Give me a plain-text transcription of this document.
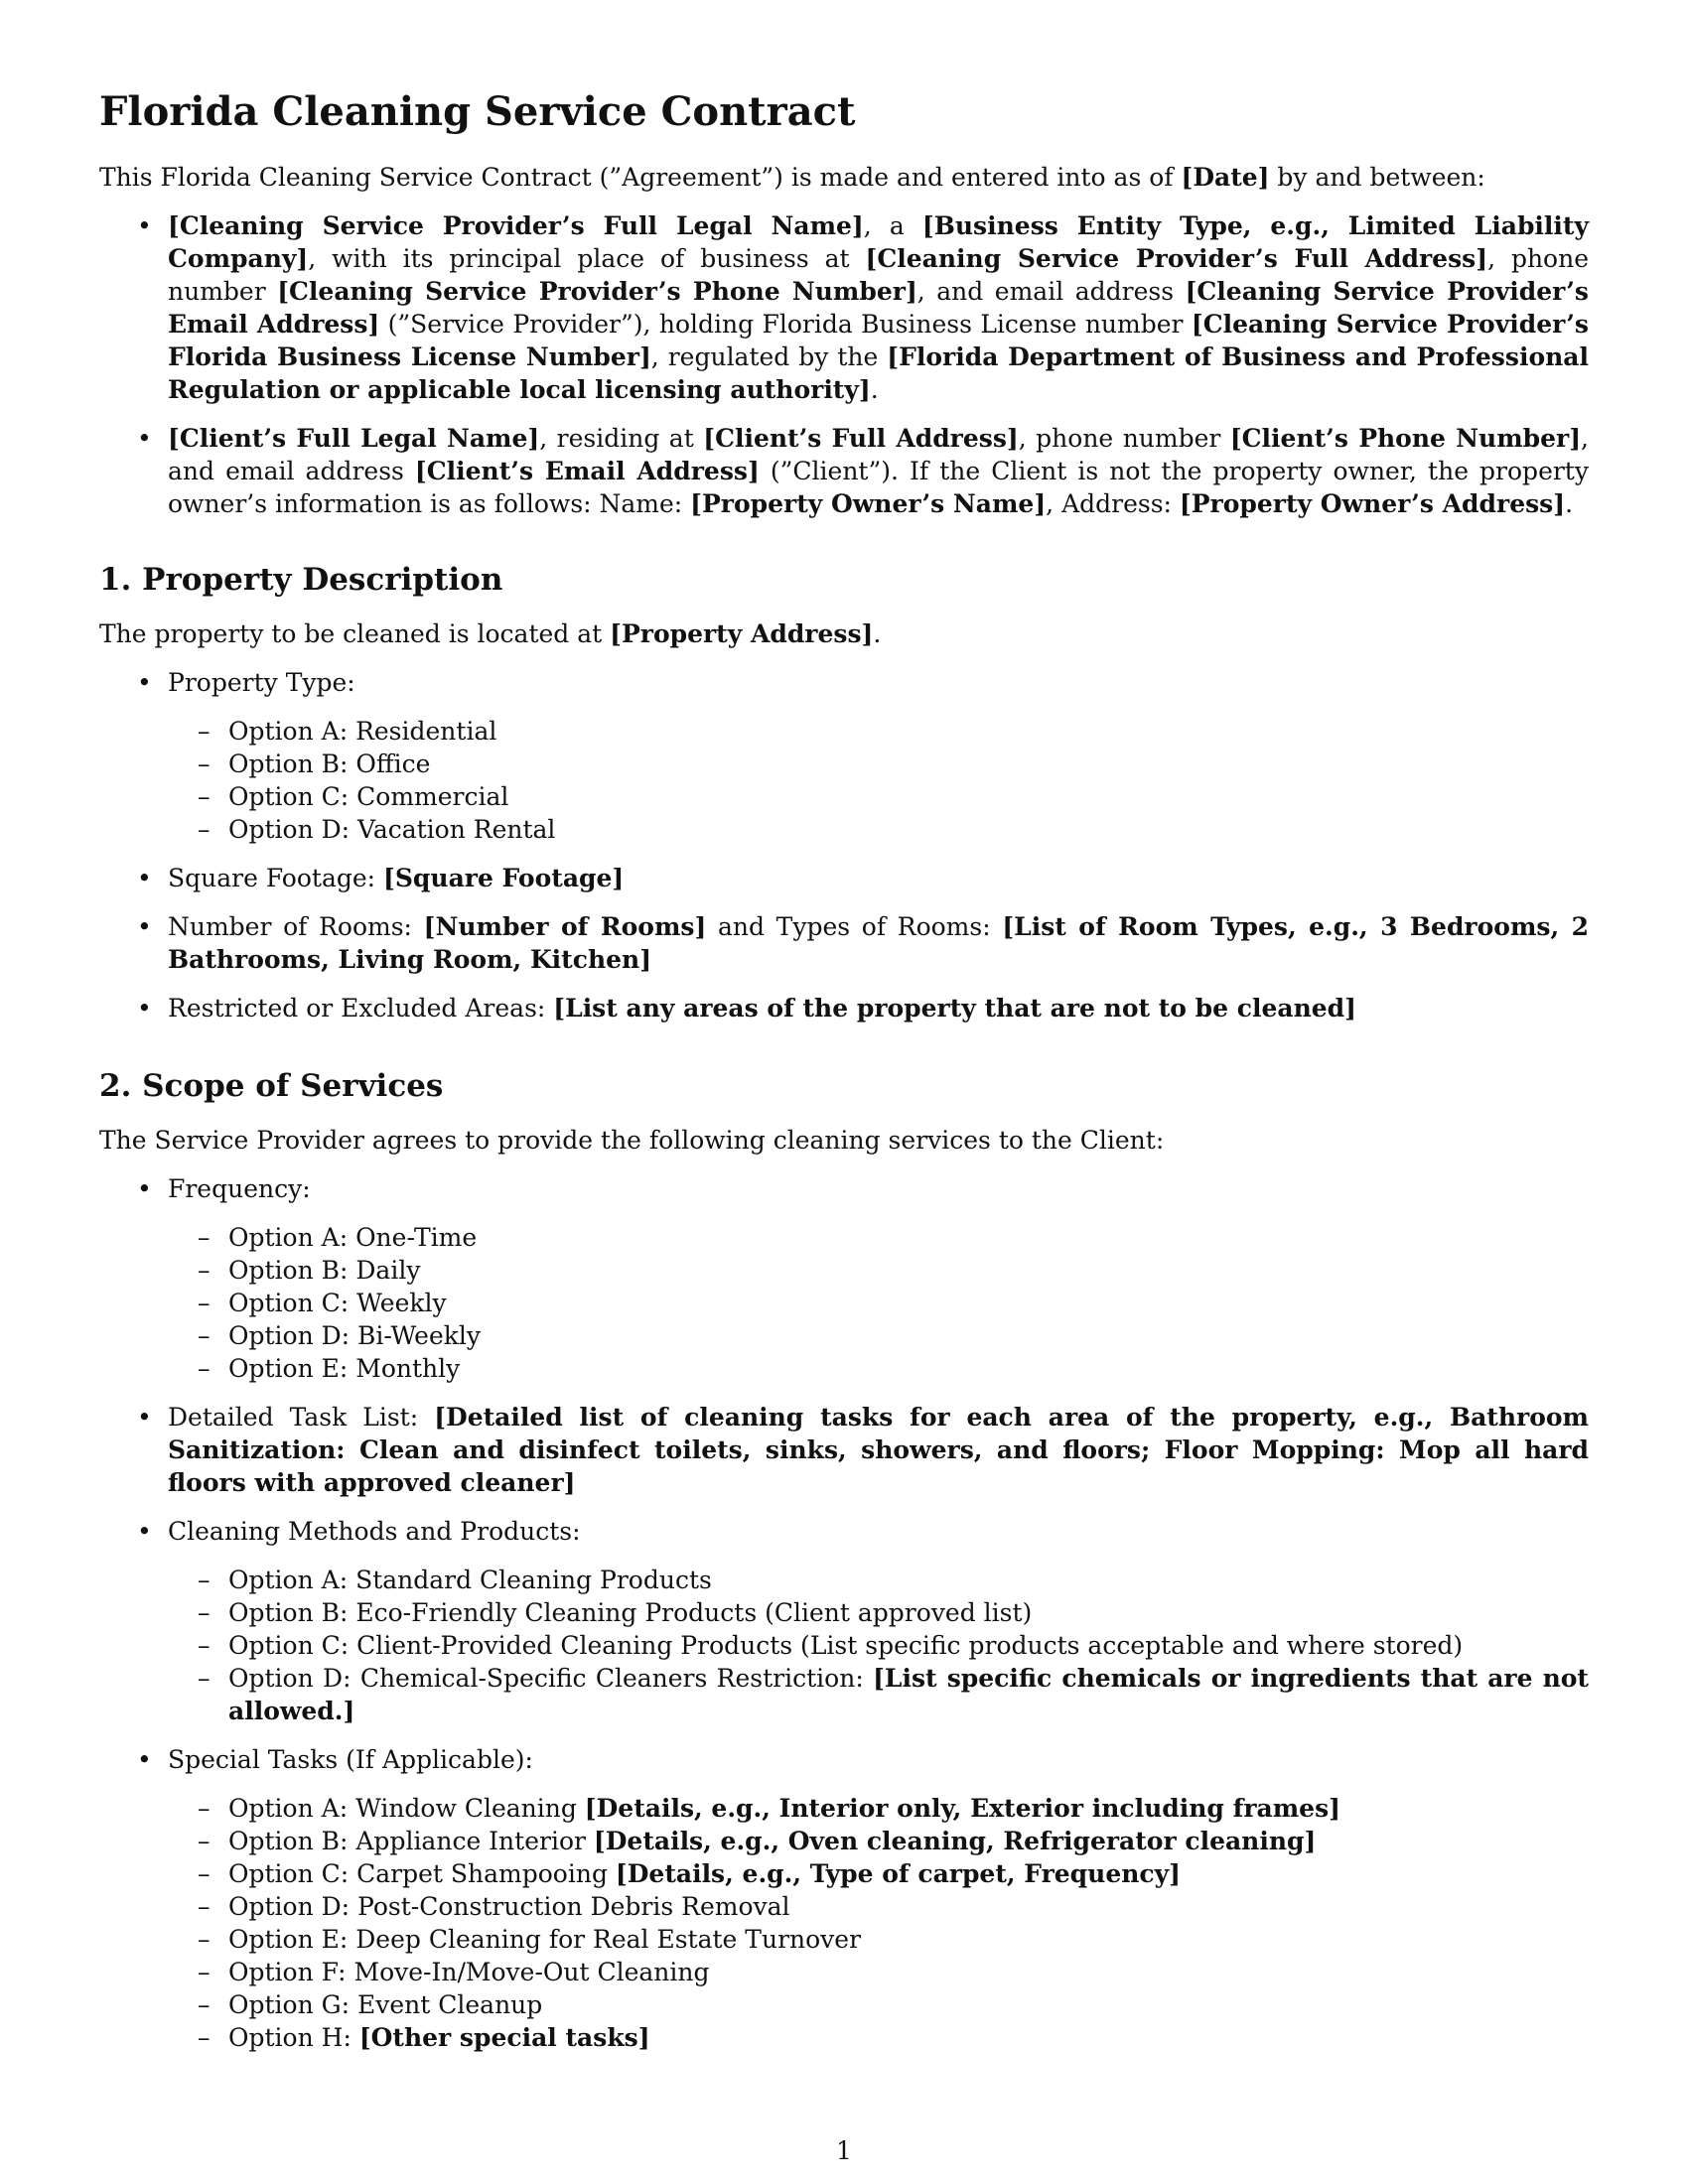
Florida Cleaning Service Contract

This Florida Cleaning Service Contract (”Agreement”) is made and entered into as of [Date] by and between:

• [Cleaning Service Provider’s Full Legal Name], a [Business Entity Type, e.g., Limited Liability Company], with its principal place of business at [Cleaning Service Provider’s Full Address], phone number [Cleaning Service Provider’s Phone Number], and email address [Cleaning Service Provider’s Email Address] (”Service Provider”), holding Florida Business License number [Cleaning Service Provider’s Florida Business License Number], regulated by the [Florida Department of Business and Professional Regulation or applicable local licensing authority].
• [Client’s Full Legal Name], residing at [Client’s Full Address], phone number [Client’s Phone Number], and email address [Client’s Email Address] (”Client”). If the Client is not the property owner, the property owner’s information is as follows: Name: [Property Owner’s Name], Address: [Property Owner’s Address].
1. Property Description

The property to be cleaned is located at [Property Address].

• Property Type:
– Option A: Residential
– Option B: Office
– Option C: Commercial
– Option D: Vacation Rental
• Square Footage: [Square Footage]
• Number of Rooms: [Number of Rooms] and Types of Rooms: [List of Room Types, e.g., 3 Bedrooms, 2 Bathrooms, Living Room, Kitchen]
• Restricted or Excluded Areas: [List any areas of the property that are not to be cleaned]
2. Scope of Services

The Service Provider agrees to provide the following cleaning services to the Client:

• Frequency:
– Option A: One-Time
– Option B: Daily
– Option C: Weekly
– Option D: Bi-Weekly
– Option E: Monthly
• Detailed Task List: [Detailed list of cleaning tasks for each area of the property, e.g., Bathroom Sanitization: Clean and disinfect toilets, sinks, showers, and floors; Floor Mopping: Mop all hard floors with approved cleaner]
• Cleaning Methods and Products:
– Option A: Standard Cleaning Products
– Option B: Eco-Friendly Cleaning Products (Client approved list)
– Option C: Client-Provided Cleaning Products (List specific products acceptable and where stored)
– Option D: Chemical-Specific Cleaners Restriction: [List specific chemicals or ingredients that are not allowed.]
• Special Tasks (If Applicable):
– Option A: Window Cleaning [Details, e.g., Interior only, Exterior including frames]
– Option B: Appliance Interior [Details, e.g., Oven cleaning, Refrigerator cleaning]
– Option C: Carpet Shampooing [Details, e.g., Type of carpet, Frequency]
– Option D: Post-Construction Debris Removal
– Option E: Deep Cleaning for Real Estate Turnover
– Option F: Move-In/Move-Out Cleaning
– Option G: Event Cleanup
– Option H: [Other special tasks]
1
